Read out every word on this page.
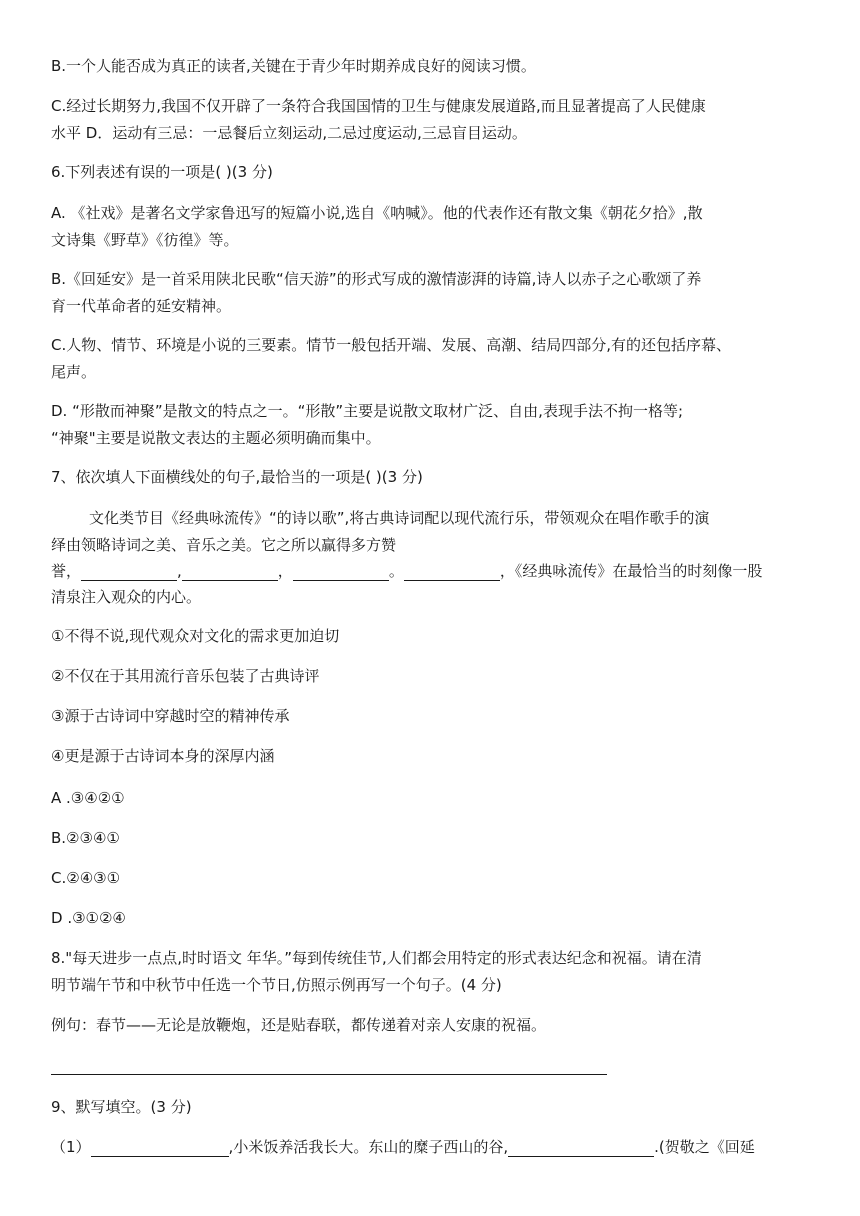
B.一个人能否成为真正的读者,关键在于青少年时期养成良好的阅读习惯。

C.经过长期努力,我国不仅开辟了一条符合我国国情的卫生与健康发展道路,而且显著提高了人民健康

水平 D．运动有三忌：一忌餐后立刻运动,二忌过度运动,三忌盲目运动。

6.下列表述有误的一项是( )(3 分)

A. 《社戏》是著名文学家鲁迅写的短篇小说,选自《呐喊》。他的代表作还有散文集《朝花夕拾》,散

文诗集《野草》《彷徨》等。

B.《回延安》是一首采用陕北民歌“信天游”的形式写成的激情澎湃的诗篇,诗人以赤子之心歌颂了养

育一代革命者的延安精神。

C.人物、情节、环境是小说的三要素。情节一般包括开端、发展、高潮、结局四部分,有的还包括序幕、

尾声。

D. “形散而神聚”是散文的特点之一。“形散”主要是说散文取材广泛、自由,表现手法不拘一格等;

“神聚"主要是说散文表达的主题必须明确而集中。

7、依次填人下面横线处的句子,最恰当的一项是( )(3 分)

文化类节目《经典咏流传》“的诗以歌”,将古典诗词配以现代流行乐，带领观众在唱作歌手的演

绎由领略诗词之美、音乐之美。它之所以赢得多方赞

誉，	,	，	。	，《经典咏流传》在最恰当的时刻像一股

清泉注入观众的内心。

①不得不说,现代观众对文化的需求更加迫切

②不仅在于其用流行音乐包装了古典诗评

③源于古诗词中穿越时空的精神传承

④更是源于古诗词本身的深厚内涵

A .③④②①

B.②③④①

C.②④③①

D .③①②④

8."每天进步一点点,时时语文 年华。”每到传统佳节,人们都会用特定的形式表达纪念和祝福。请在清

明节端午节和中秋节中任选一个节日,仿照示例再写一个句子。(4 分)

例句：春节——无论是放鞭炮，还是贴春联，都传递着对亲人安康的祝福。

9、默写填空。(3 分)

（1）	,小米饭养活我长大。东山的糜子西山的谷,	.(贺敬之《回延
